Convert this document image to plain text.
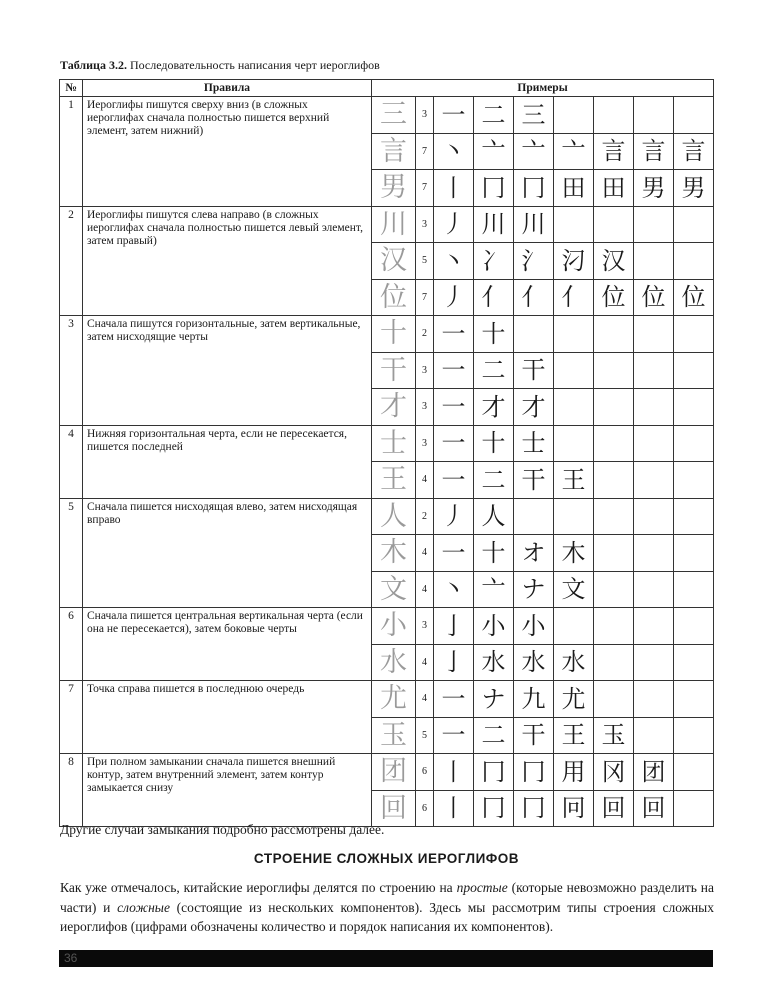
Таблица 3.2. Последовательность написания черт иероглифов
№	Правила	Примеры								
1	Иероглифы пишутся сверху вниз (в сложных иероглифах сначала полностью пишется верхний элемент, затем нижний)	三	3	一	二	三				
		言	7	丶	亠	亠	亠	言	言	言
		男	7	丨	冂	冂	田	田	男	男
2	Иероглифы пишутся слева направо (в сложных иероглифах сначала полностью пишется левый элемент, затем правый)	川	3	丿	川	川				
		汉	5	丶	冫	氵	汈	汉		
		位	7	丿	亻	亻	亻	位	位	位
3	Сначала пишутся горизонтальные, затем вертикальные, затем нисходящие черты	十	2	一	十					
		干	3	一	二	干				
		才	3	一	才	才				
4	Нижняя горизонтальная черта, если не пересекается, пишется последней	士	3	一	十	士				
		王	4	一	二	干	王			
5	Сначала пишется нисходящая влево, затем нисходящая вправо	人	2	丿	人					
		木	4	一	十	オ	木			
		文	4	丶	亠	ナ	文			
6	Сначала пишется центральная вертикальная черта (если она не пересекается), затем боковые черты	小	3	亅	小	小				
		水	4	亅	水	水	水			
7	Точка справа пишется в последнюю очередь	尤	4	一	ナ	九	尤			
		玉	5	一	二	干	王	玉		
8	При полном замыкании сначала пишется внешний контур, затем внутренний элемент, затем контур замыкается снизу	团	6	丨	冂	冂	用	冈	团	
		回	6	丨	冂	冂	冋	回	回	
Другие случаи замыкания подробно рассмотрены далее.
СТРОЕНИЕ СЛОЖНЫХ ИЕРОГЛИФОВ
Как уже отмечалось, китайские иероглифы делятся по строению на простые (которые невозможно разделить на части) и сложные (состоящие из нескольких компонентов). Здесь мы рассмотрим типы строения сложных иероглифов (цифрами обозначены количество и порядок написания их компонентов).
36
